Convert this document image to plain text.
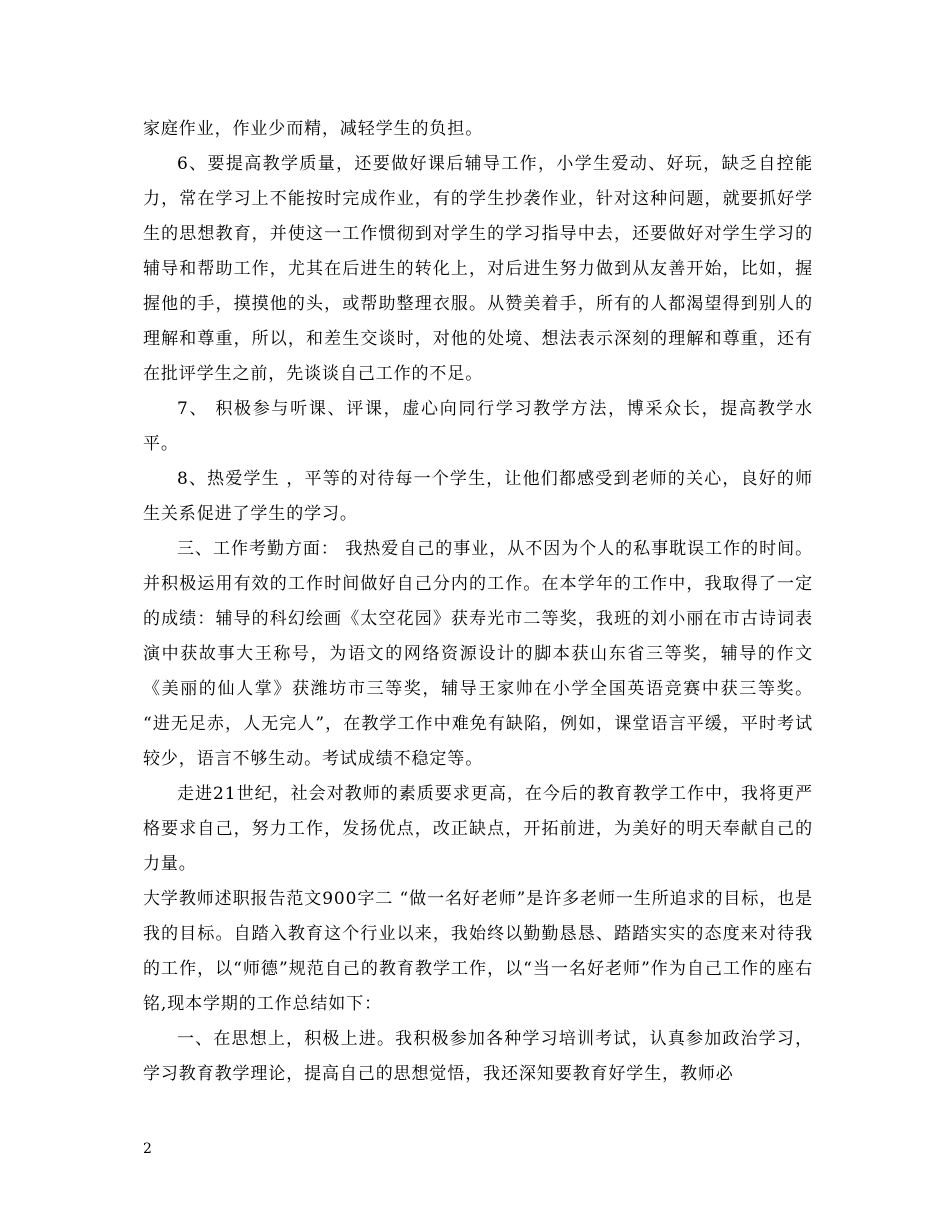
家庭作业，作业少而精，减轻学生的负担。

6、要提高教学质量，还要做好课后辅导工作，小学生爱动、好玩，缺乏自控能力，常在学习上不能按时完成作业，有的学生抄袭作业，针对这种问题，就要抓好学生的思想教育，并使这一工作惯彻到对学生的学习指导中去，还要做好对学生学习的辅导和帮助工作，尤其在后进生的转化上，对后进生努力做到从友善开始，比如，握握他的手，摸摸他的头，或帮助整理衣服。从赞美着手，所有的人都渴望得到别人的理解和尊重，所以，和差生交谈时，对他的处境、想法表示深刻的理解和尊重，还有在批评学生之前，先谈谈自己工作的不足。

7、 积极参与听课、评课，虚心向同行学习教学方法，博采众长，提高教学水平。

8、热爱学生 ，平等的对待每一个学生，让他们都感受到老师的关心，良好的师生关系促进了学生的学习。

三、工作考勤方面： 我热爱自己的事业，从不因为个人的私事耽误工作的时间。并积极运用有效的工作时间做好自己分内的工作。在本学年的工作中，我取得了一定的成绩：辅导的科幻绘画《太空花园》获寿光市二等奖，我班的刘小丽在市古诗词表演中获故事大王称号，为语文的网络资源设计的脚本获山东省三等奖，辅导的作文《美丽的仙人掌》获潍坊市三等奖，辅导王家帅在小学全国英语竞赛中获三等奖。 “进无足赤，人无完人”，在教学工作中难免有缺陷，例如，课堂语言平缓，平时考试较少，语言不够生动。考试成绩不稳定等。

走进21世纪，社会对教师的素质要求更高，在今后的教育教学工作中，我将更严格要求自己，努力工作，发扬优点，改正缺点，开拓前进，为美好的明天奉献自己的力量。

大学教师述职报告范文900字二 “做一名好老师”是许多老师一生所追求的目标，也是我的目标。自踏入教育这个行业以来，我始终以勤勤恳恳、踏踏实实的态度来对待我的工作，以“师德”规范自己的教育教学工作，以“当一名好老师”作为自己工作的座右铭,现本学期的工作总结如下：

一、在思想上，积极上进。我积极参加各种学习培训考试，认真参加政治学习，学习教育教学理论，提高自己的思想觉悟，我还深知要教育好学生，教师必

2
